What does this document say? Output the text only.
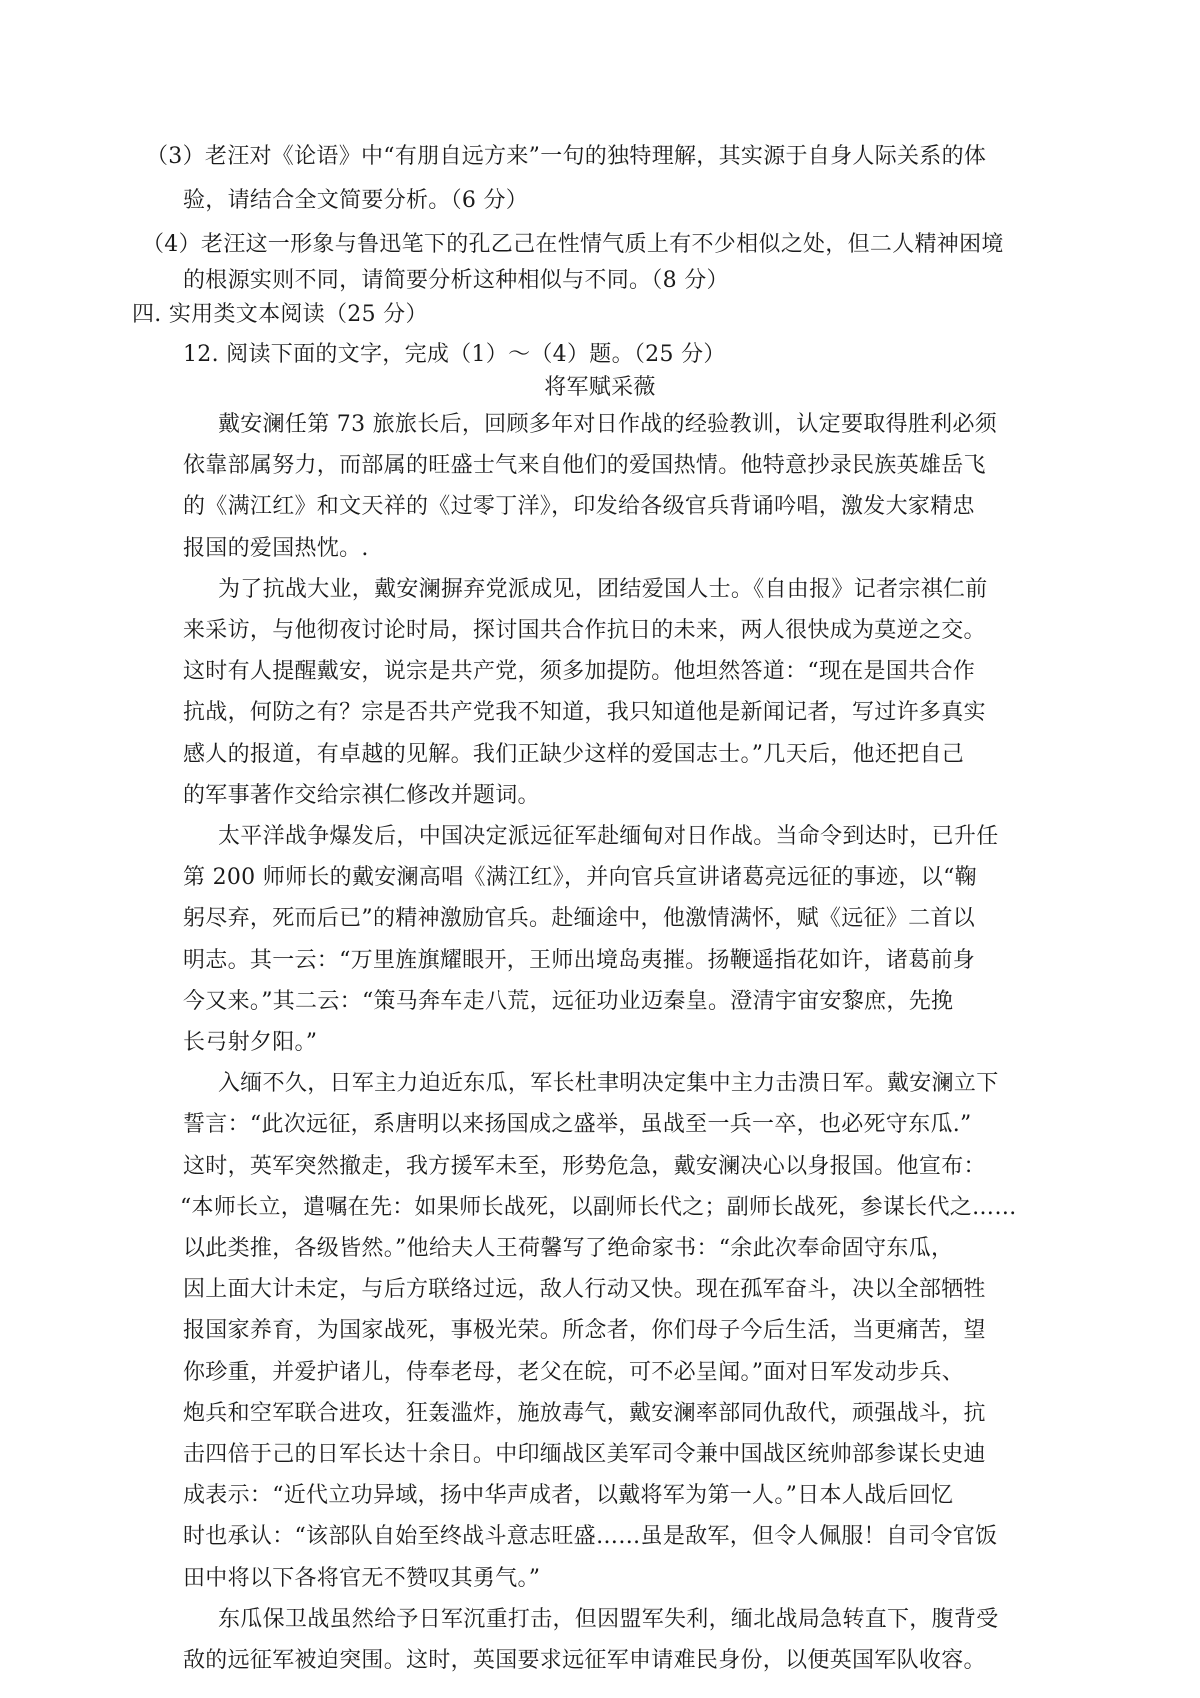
（3）老汪对《论语》中“有朋自远方来”一句的独特理解，其实源于自身人际关系的体
验，请结合全文简要分析。（6 分）
（4）老汪这一形象与鲁迅笔下的孔乙己在性情气质上有不少相似之处，但二人精神困境
的根源实则不同，请简要分析这种相似与不同。（8 分）
四. 实用类文本阅读（25 分）
12. 阅读下面的文字，完成（1）～（4）题。（25 分）
将军赋采薇
戴安澜任第 73 旅旅长后，回顾多年对日作战的经验教训，认定要取得胜利必须
依靠部属努力，而部属的旺盛士气来自他们的爱国热情。他特意抄录民族英雄岳飞
的《满江红》和文天祥的《过零丁洋》，印发给各级官兵背诵吟唱，激发大家精忠
报国的爱国热忱。.
为了抗战大业，戴安澜摒弃党派成见，团结爱国人士。《自由报》记者宗祺仁前
来采访，与他彻夜讨论时局，探讨国共合作抗日的未来，两人很快成为莫逆之交。
这时有人提醒戴安，说宗是共产党，须多加提防。他坦然答道：“现在是国共合作
抗战，何防之有？宗是否共产党我不知道，我只知道他是新闻记者，写过许多真实
感人的报道，有卓越的见解。我们正缺少这样的爱国志士。”几天后，他还把自己
的军事著作交给宗祺仁修改并题词。
太平洋战争爆发后，中国决定派远征军赴缅甸对日作战。当命令到达时，已升任
第 200 师师长的戴安澜高唱《满江红》，并向官兵宣讲诸葛亮远征的事迹，以“鞠
躬尽弃，死而后已”的精神激励官兵。赴缅途中，他激情满怀，赋《远征》二首以
明志。其一云：“万里旌旗耀眼开，王师出境岛夷摧。扬鞭遥指花如许，诸葛前身
今又来。”其二云：“策马奔车走八荒，远征功业迈秦皇。澄清宇宙安黎庶，先挽
长弓射夕阳。”
入缅不久，日军主力迫近东瓜，军长杜聿明决定集中主力击溃日军。戴安澜立下
誓言：“此次远征，系唐明以来扬国成之盛举，虽战至一兵一卒，也必死守东瓜.”
这时，英军突然撤走，我方援军未至，形势危急，戴安澜决心以身报国。他宣布：
“本师长立，遣嘱在先：如果师长战死，以副师长代之；副师长战死，参谋长代之……
以此类推，各级皆然。”他给夫人王荷馨写了绝命家书：“余此次奉命固守东瓜，
因上面大计未定，与后方联络过远，敌人行动又快。现在孤军奋斗，决以全部牺牲
报国家养育，为国家战死，事极光荣。所念者，你们母子今后生活，当更痛苦，望
你珍重，并爱护诸儿，侍奉老母，老父在皖，可不必呈闻。”面对日军发动步兵、
炮兵和空军联合进攻，狂轰滥炸，施放毒气，戴安澜率部同仇敌代，顽强战斗，抗
击四倍于己的日军长达十余日。中印缅战区美军司令兼中国战区统帅部参谋长史迪
成表示：“近代立功异域，扬中华声成者，以戴将军为第一人。”日本人战后回忆
时也承认：“该部队自始至终战斗意志旺盛……虽是敌军，但令人佩服！自司令官饭
田中将以下各将官无不赞叹其勇气。”
东瓜保卫战虽然给予日军沉重打击，但因盟军失利，缅北战局急转直下，腹背受
敌的远征军被迫突围。这时，英国要求远征军申请难民身份，以便英国军队收容。
